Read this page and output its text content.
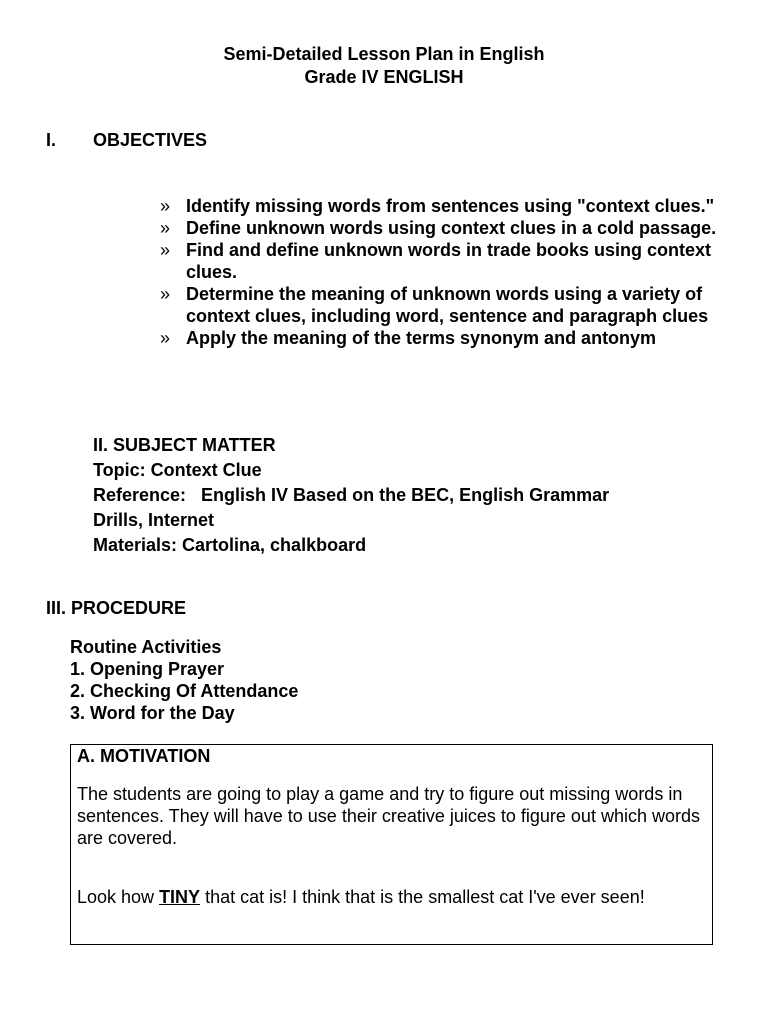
Semi-Detailed Lesson Plan in English
Grade IV ENGLISH
I. OBJECTIVES
» Identify missing words from sentences using "context clues."
» Define unknown words using context clues in a cold passage.
» Find and define unknown words in trade books using context clues.
» Determine the meaning of unknown words using a variety of context clues, including word, sentence and paragraph clues
» Apply the meaning of the terms synonym and antonym
II. SUBJECT MATTER
Topic: Context Clue
Reference:   English IV Based on the BEC, English Grammar
Drills, Internet
Materials: Cartolina, chalkboard
III. PROCEDURE
Routine Activities
1. Opening Prayer
2. Checking Of Attendance
3. Word for the Day
A. MOTIVATION
The students are going to play a game and try to figure out missing words in sentences. They will have to use their creative juices to figure out which words are covered.
Look how TINY that cat is! I think that is the smallest cat I've ever seen!
